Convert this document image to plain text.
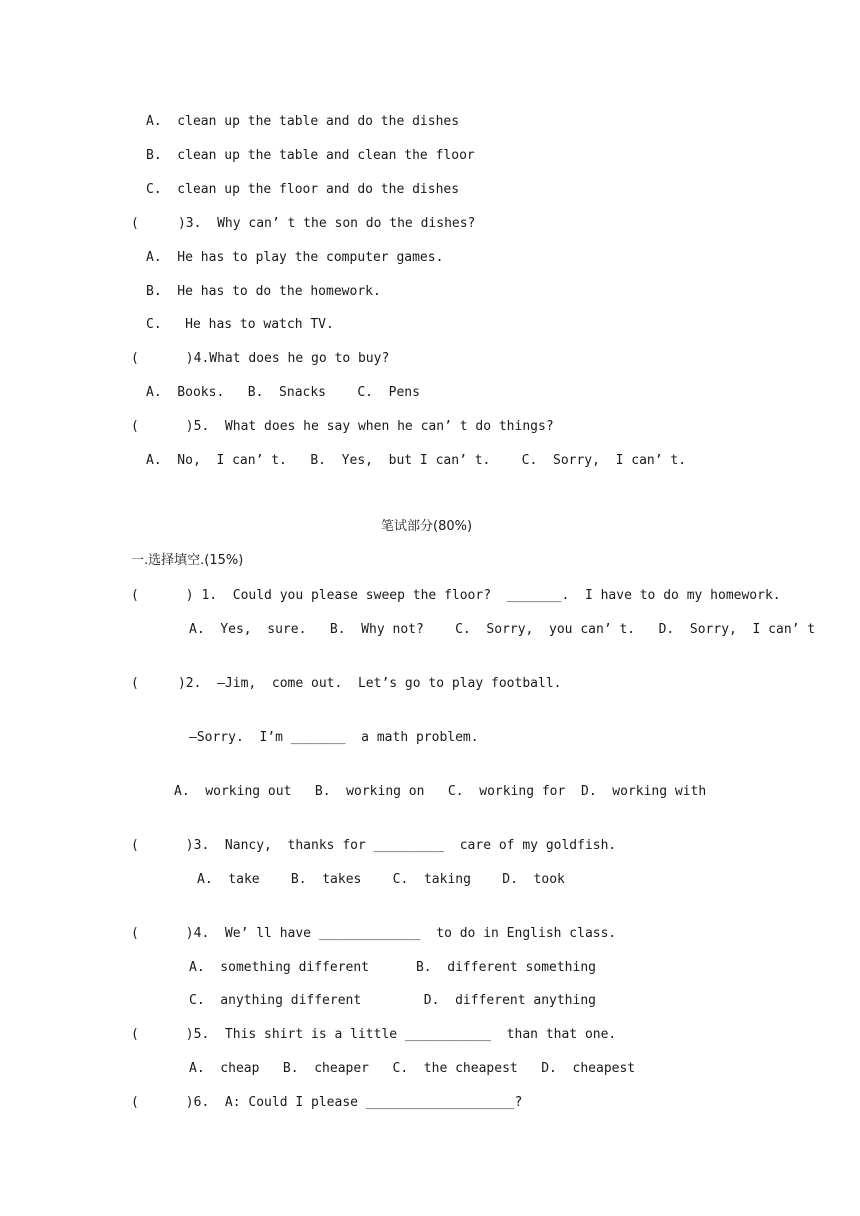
A.  clean up the table and do the dishes
B.  clean up the table and clean the floor
C.  clean up the floor and do the dishes
(     )3.  Why can’ t the son do the dishes?
A.  He has to play the computer games.
B.  He has to do the homework.
C.   He has to watch TV.
(      )4.What does he go to buy?
A.  Books.   B.  Snacks    C.  Pens
(      )5.  What does he say when he can’ t do things?
A.  No,  I can’ t.   B.  Yes,  but I can’ t.    C.  Sorry,  I can’ t.
笔试部分(80%)
一.选择填空.(15%)
(      ) 1.  Could you please sweep the floor?  _______.  I have to do my homework.
A.  Yes,  sure.   B.  Why not?    C.  Sorry,  you can’ t.   D.  Sorry,  I can’ t
(     )2.  —Jim,  come out.  Let’s go to play football.
—Sorry.  I’m _______  a math problem.
A.  working out   B.  working on   C.  working for  D.  working with
(      )3.  Nancy,  thanks for _________  care of my goldfish.
A.  take    B.  takes    C.  taking    D.  took
(      )4.  We’ ll have _____________  to do in English class.
A.  something different      B.  different something
C.  anything different        D.  different anything
(      )5.  This shirt is a little ___________  than that one.
A.  cheap   B.  cheaper   C.  the cheapest   D.  cheapest
(      )6.  A: Could I please ___________________?
